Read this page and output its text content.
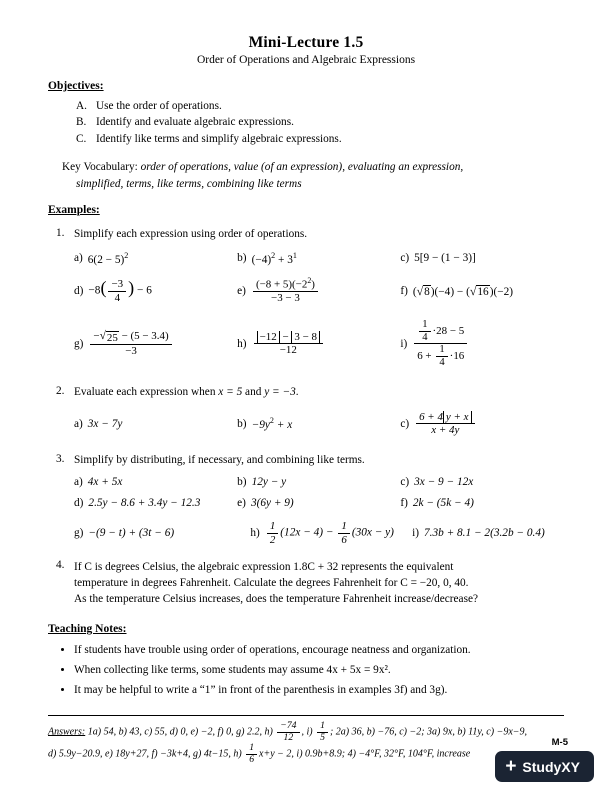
Mini-Lecture 1.5
Order of Operations and Algebraic Expressions
Objectives:
A. Use the order of operations.
B. Identify and evaluate algebraic expressions.
C. Identify like terms and simplify algebraic expressions.
Key Vocabulary: order of operations, value (of an expression), evaluating an expression,
simplified, terms, like terms, combining like terms
Examples:
1. Simplify each expression using order of operations.
a) $6(2 - 5)^2$	b) $(-4)^2 + 3^1$	c) 5[9 − (1 − 3)]
$d) -8( \frac{-3}{4}$ ) − 6	$e) \frac{(-8 + 5)(-2^2)}{-3 - 3}$	f) ( √ 8 )(−4) − ( √ 16 )(−2)
$g) \frac{- √ 25 - (5 - 3.4)}{-3}$	$h) \frac{-12 - 3 - 8}{-12}$	$i) \frac{\frac{1}{4} \cdot 28 - 5}{6 + \frac{1}{4} \cdot 16}$
2. Evaluate each expression when x = 5 and y = −3.
a) 3x − 7y	$b) -9y^2 + x$	$c) \frac{6 + 4 y + x}{x + 4y}$
3. Simplify by distributing, if necessary, and combining like terms.
a) 4x + 5x	b) 12y − y	c) 3x − 9 − 12x
d) 2.5y − 8.6 + 3.4y − 12.3	e) 3(6y + 9)	f) 2k − (5k − 4)
g) −(9 − t) + (3t − 6)	$h) \frac{1}{2} (12x - 4) - \frac{1}{6} (30x - y)$ i) 7.3b + 8.1 − 2(3.2b − 0.4)
4. If C is degrees Celsius, the algebraic expression 1.8C + 32 represents the equivalent
temperature in degrees Fahrenheit. Calculate the degrees Fahrenheit for C = −20, 0, 40.
As the temperature Celsius increases, does the temperature Fahrenheit increase/decrease?
Teaching Notes:
• If students have trouble using order of operations, encourage neatness and organization.
• When collecting like terms, some students may assume 4x + 5x = 9x².
• It may be helpful to write a “1” in front of the parenthesis in examples 3f) and 3g).
Answers: 1a) 54, b) 43, c) 55, d) 0, e) −2, f) 0, g) 2.2, $h) \frac{-74}{12}$ , $i) \frac{1}{5}$ ; 2a) 36, b) −76, c) −2; 3a) 9x, b) 11y, c) −9x−9,
d) 5.9y−20.9, e) 18y+27, f) −3k+4, g) 4t−15, $h) \frac{1}{6} x+y - 2$, i) 0.9b+8.9; 4) −4°F, 32°F, 104°F, increase
M-5
+ StudyXY
